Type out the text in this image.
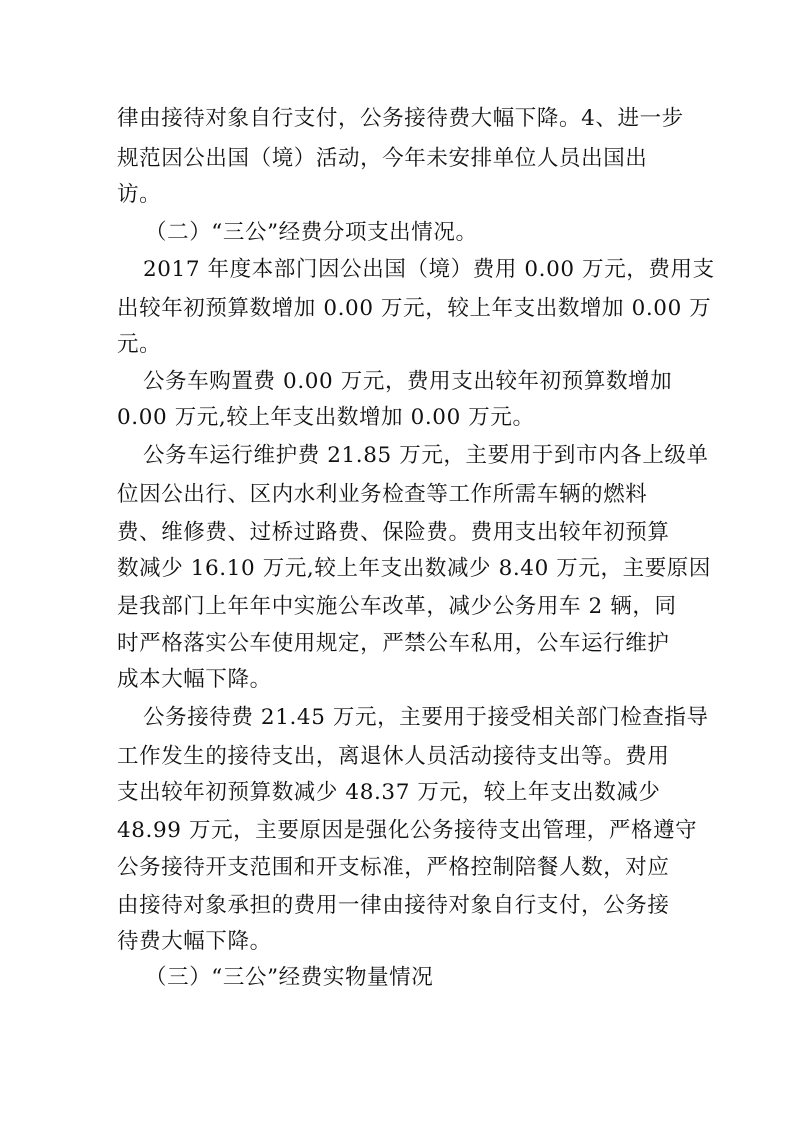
律由接待对象自行支付，公务接待费大幅下降。4、进一步
规范因公出国（境）活动，今年未安排单位人员出国出
访。
（二）“三公”经费分项支出情况。
2017 年度本部门因公出国（境）费用 0.00 万元，费用支
出较年初预算数增加 0.00 万元，较上年支出数增加 0.00 万
元。
公务车购置费 0.00 万元，费用支出较年初预算数增加
0.00 万元,较上年支出数增加 0.00 万元。
公务车运行维护费 21.85 万元，主要用于到市内各上级单
位因公出行、区内水利业务检查等工作所需车辆的燃料
费、维修费、过桥过路费、保险费。费用支出较年初预算
数减少 16.10 万元,较上年支出数减少 8.40 万元，主要原因
是我部门上年年中实施公车改革，减少公务用车 2 辆，同
时严格落实公车使用规定，严禁公车私用，公车运行维护
成本大幅下降。
公务接待费 21.45 万元，主要用于接受相关部门检查指导
工作发生的接待支出，离退休人员活动接待支出等。费用
支出较年初预算数减少 48.37 万元，较上年支出数减少
48.99 万元，主要原因是强化公务接待支出管理，严格遵守
公务接待开支范围和开支标准，严格控制陪餐人数，对应
由接待对象承担的费用一律由接待对象自行支付，公务接
待费大幅下降。
（三）“三公”经费实物量情况
